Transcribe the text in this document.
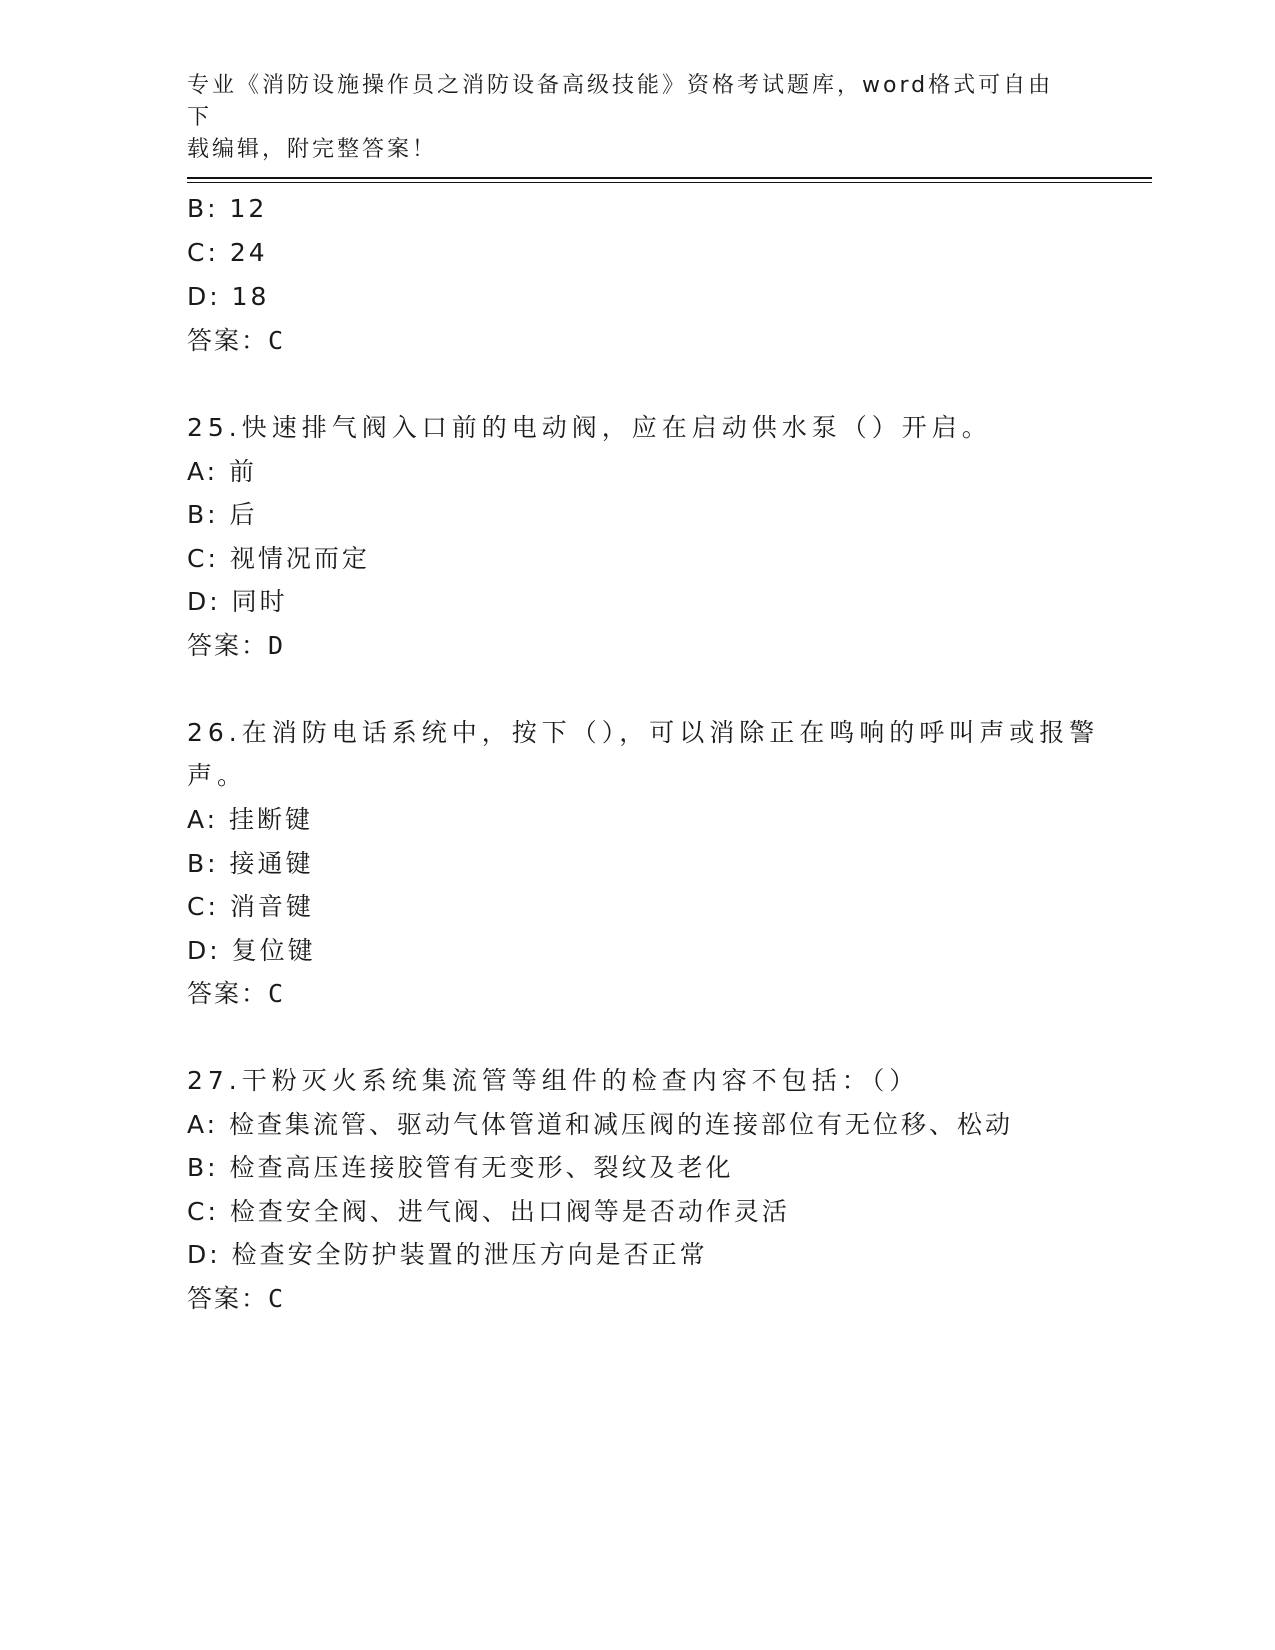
专业《消防设施操作员之消防设备高级技能》资格考试题库，word格式可自由下
载编辑，附完整答案！
B: 12
C: 24
D: 18
答案：C
25.快速排气阀入口前的电动阀，应在启动供水泵（）开启。
A: 前
B: 后
C: 视情况而定
D: 同时
答案：D
26.在消防电话系统中，按下（），可以消除正在鸣响的呼叫声或报警
声。
A: 挂断键
B: 接通键
C: 消音键
D: 复位键
答案：C
27.干粉灭火系统集流管等组件的检查内容不包括：（）
A: 检查集流管、驱动气体管道和减压阀的连接部位有无位移、松动
B: 检查高压连接胶管有无变形、裂纹及老化
C: 检查安全阀、进气阀、出口阀等是否动作灵活
D: 检查安全防护装置的泄压方向是否正常
答案：C
